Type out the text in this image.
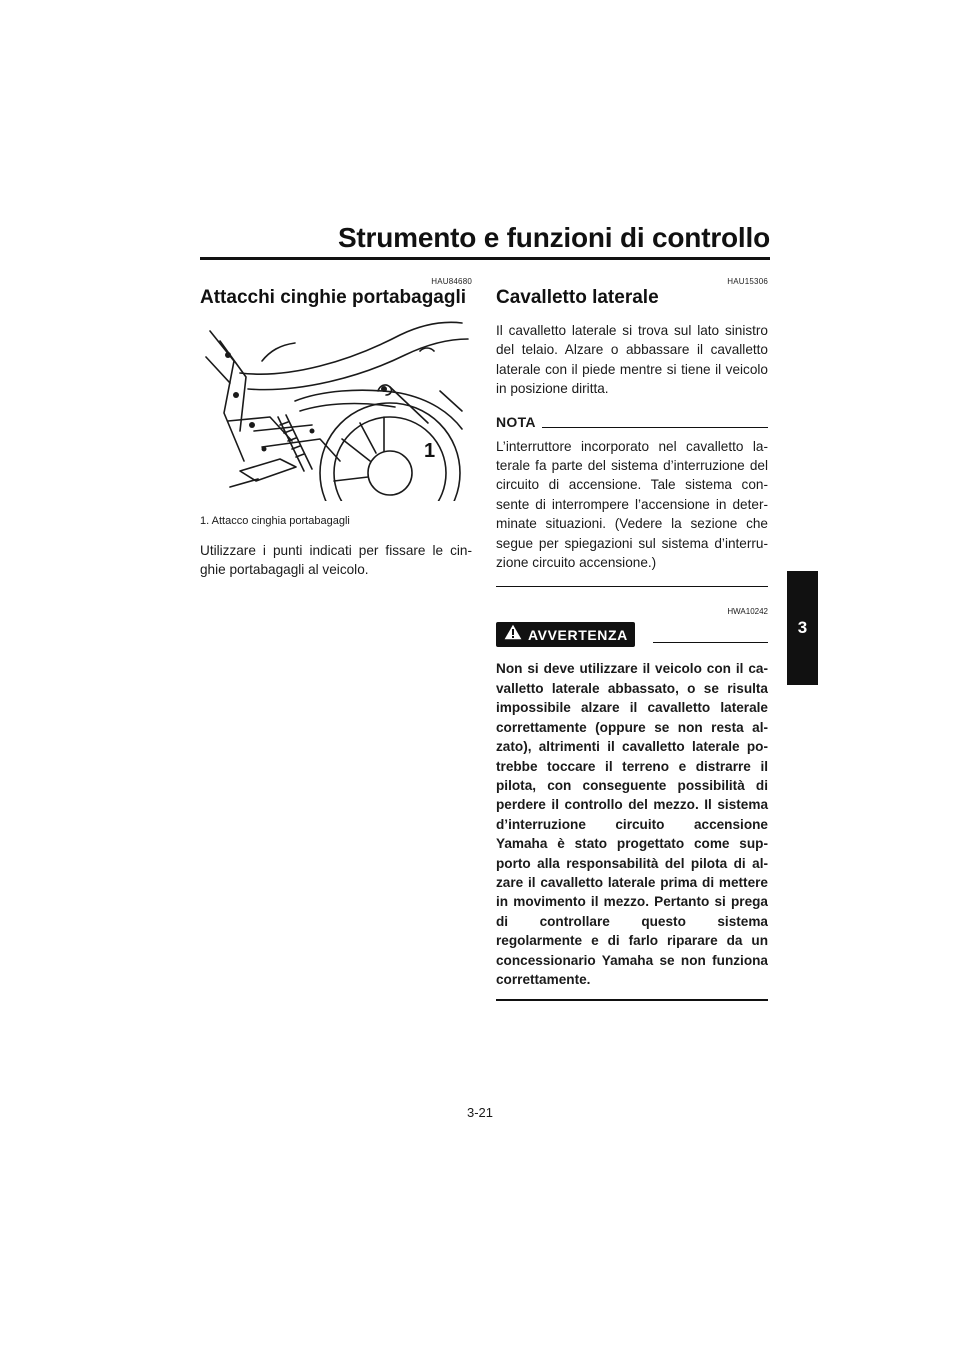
Strumento e funzioni di controllo
3
HAU84680
Attacchi cinghie portabagagli
1
1. Attacco cinghia portabagagli

Utilizzare i punti indicati per fissare le cin-ghie portabagagli al veicolo.

HAU15306
Cavalletto laterale

Il cavalletto laterale si trova sul lato sinistro del telaio. Alzare o abbassare il cavalletto laterale con il piede mentre si tiene il veicolo in posizione diritta.

NOTA

L’interruttore incorporato nel cavalletto la-terale fa parte del sistema d’interruzione del circuito di accensione. Tale sistema con-sente di interrompere l’accensione in deter-minate situazioni. (Vedere la sezione che segue per spiegazioni sul sistema d’interru-zione circuito accensione.)

HWA10242
AVVERTENZA

Non si deve utilizzare il veicolo con il ca-valletto laterale abbassato, o se risulta impossibile alzare il cavalletto laterale correttamente (oppure se non resta al-zato), altrimenti il cavalletto laterale po-trebbe toccare il terreno e distrarre il pilota, con conseguente possibilità di perdere il controllo del mezzo. Il sistema d’interruzione circuito accensione Yamaha è stato progettato come sup-porto alla responsabilità del pilota di al-zare il cavalletto laterale prima di mettere in movimento il mezzo. Pertanto si prega di controllare questo sistema regolarmente e di farlo riparare da un concessionario Yamaha se non funziona correttamente.

3-21
